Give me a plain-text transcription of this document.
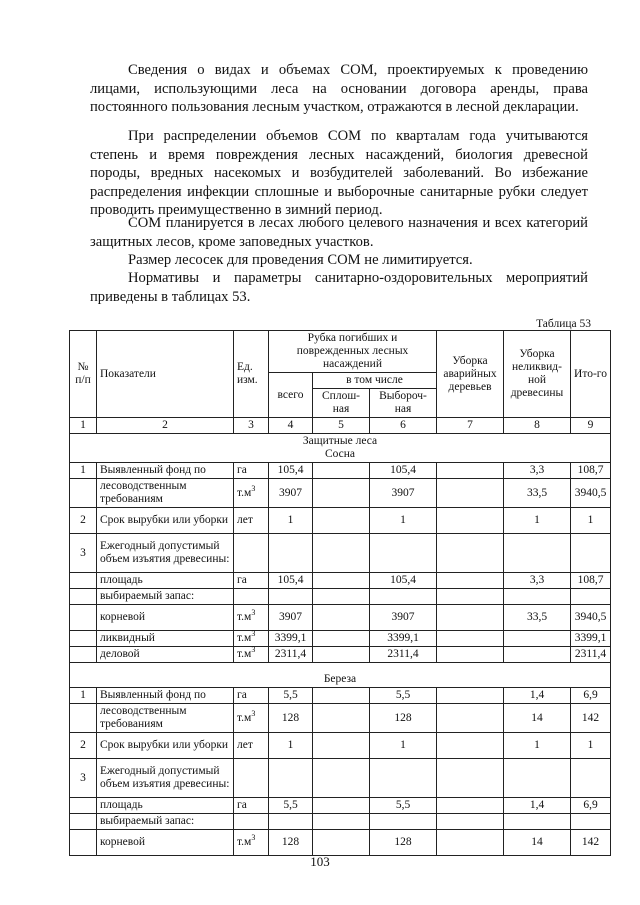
Сведения о видах и объемах СОМ, проектируемых к проведению лицами, использующими леса на основании договора аренды, права постоянного пользования лесным участком, отражаются в лесной декларации.

При распределении объемов СОМ по кварталам года учитываются степень и время повреждения лесных насаждений, биология древесной породы, вредных насекомых и возбудителей заболеваний. Во избежание распределения инфекции сплошные и выборочные санитарные рубки следует проводить преимущественно в зимний период.

СОМ планируется в лесах любого целевого назначения и всех категорий защитных лесов, кроме заповедных участков.

Размер лесосек для проведения СОМ не лимитируется.

Нормативы и параметры санитарно-оздоровительных мероприятий приведены в таблицах 53.

Таблица 53
№ п/п	Показатели	Ед. изм.	Рубка погибших и поврежденных лесных насаждений			Уборка аварийных деревьев	Уборка неликвид-ной древесины	Ито-го
			всего	в том числе				
				Сплош-ная	Выбороч-ная			
1	2	3	4	5	6	7	8	9

Защитные леса
Сосна								

1	Выявленный фонд по	га	105,4		105,4		3,3	108,7
	лесоводственным требованиям	$т.м^3$	3907		3907		33,5	3940,5
2	Срок вырубки или уборки	лет	1		1		1	1
3	Ежегодный допустимый объем изъятия древесины:							
	площадь	га	105,4		105,4		3,3	108,7
	выбираемый запас:							
	корневой	$т.м^3$	3907		3907		33,5	3940,5
	ликвидный	$т.м^3$	3399,1		3399,1			3399,1
	деловой	$т.м^3$	2311,4		2311,4			2311,4
Береза								
1	Выявленный фонд по	га	5,5		5,5		1,4	6,9
	лесоводственным требованиям	$т.м^3$	128		128		14	142
2	Срок вырубки или уборки	лет	1		1		1	1
3	Ежегодный допустимый объем изъятия древесины:							
	площадь	га	5,5		5,5		1,4	6,9
	выбираемый запас:							
	корневой	$т.м^3$	128		128		14	142
103
